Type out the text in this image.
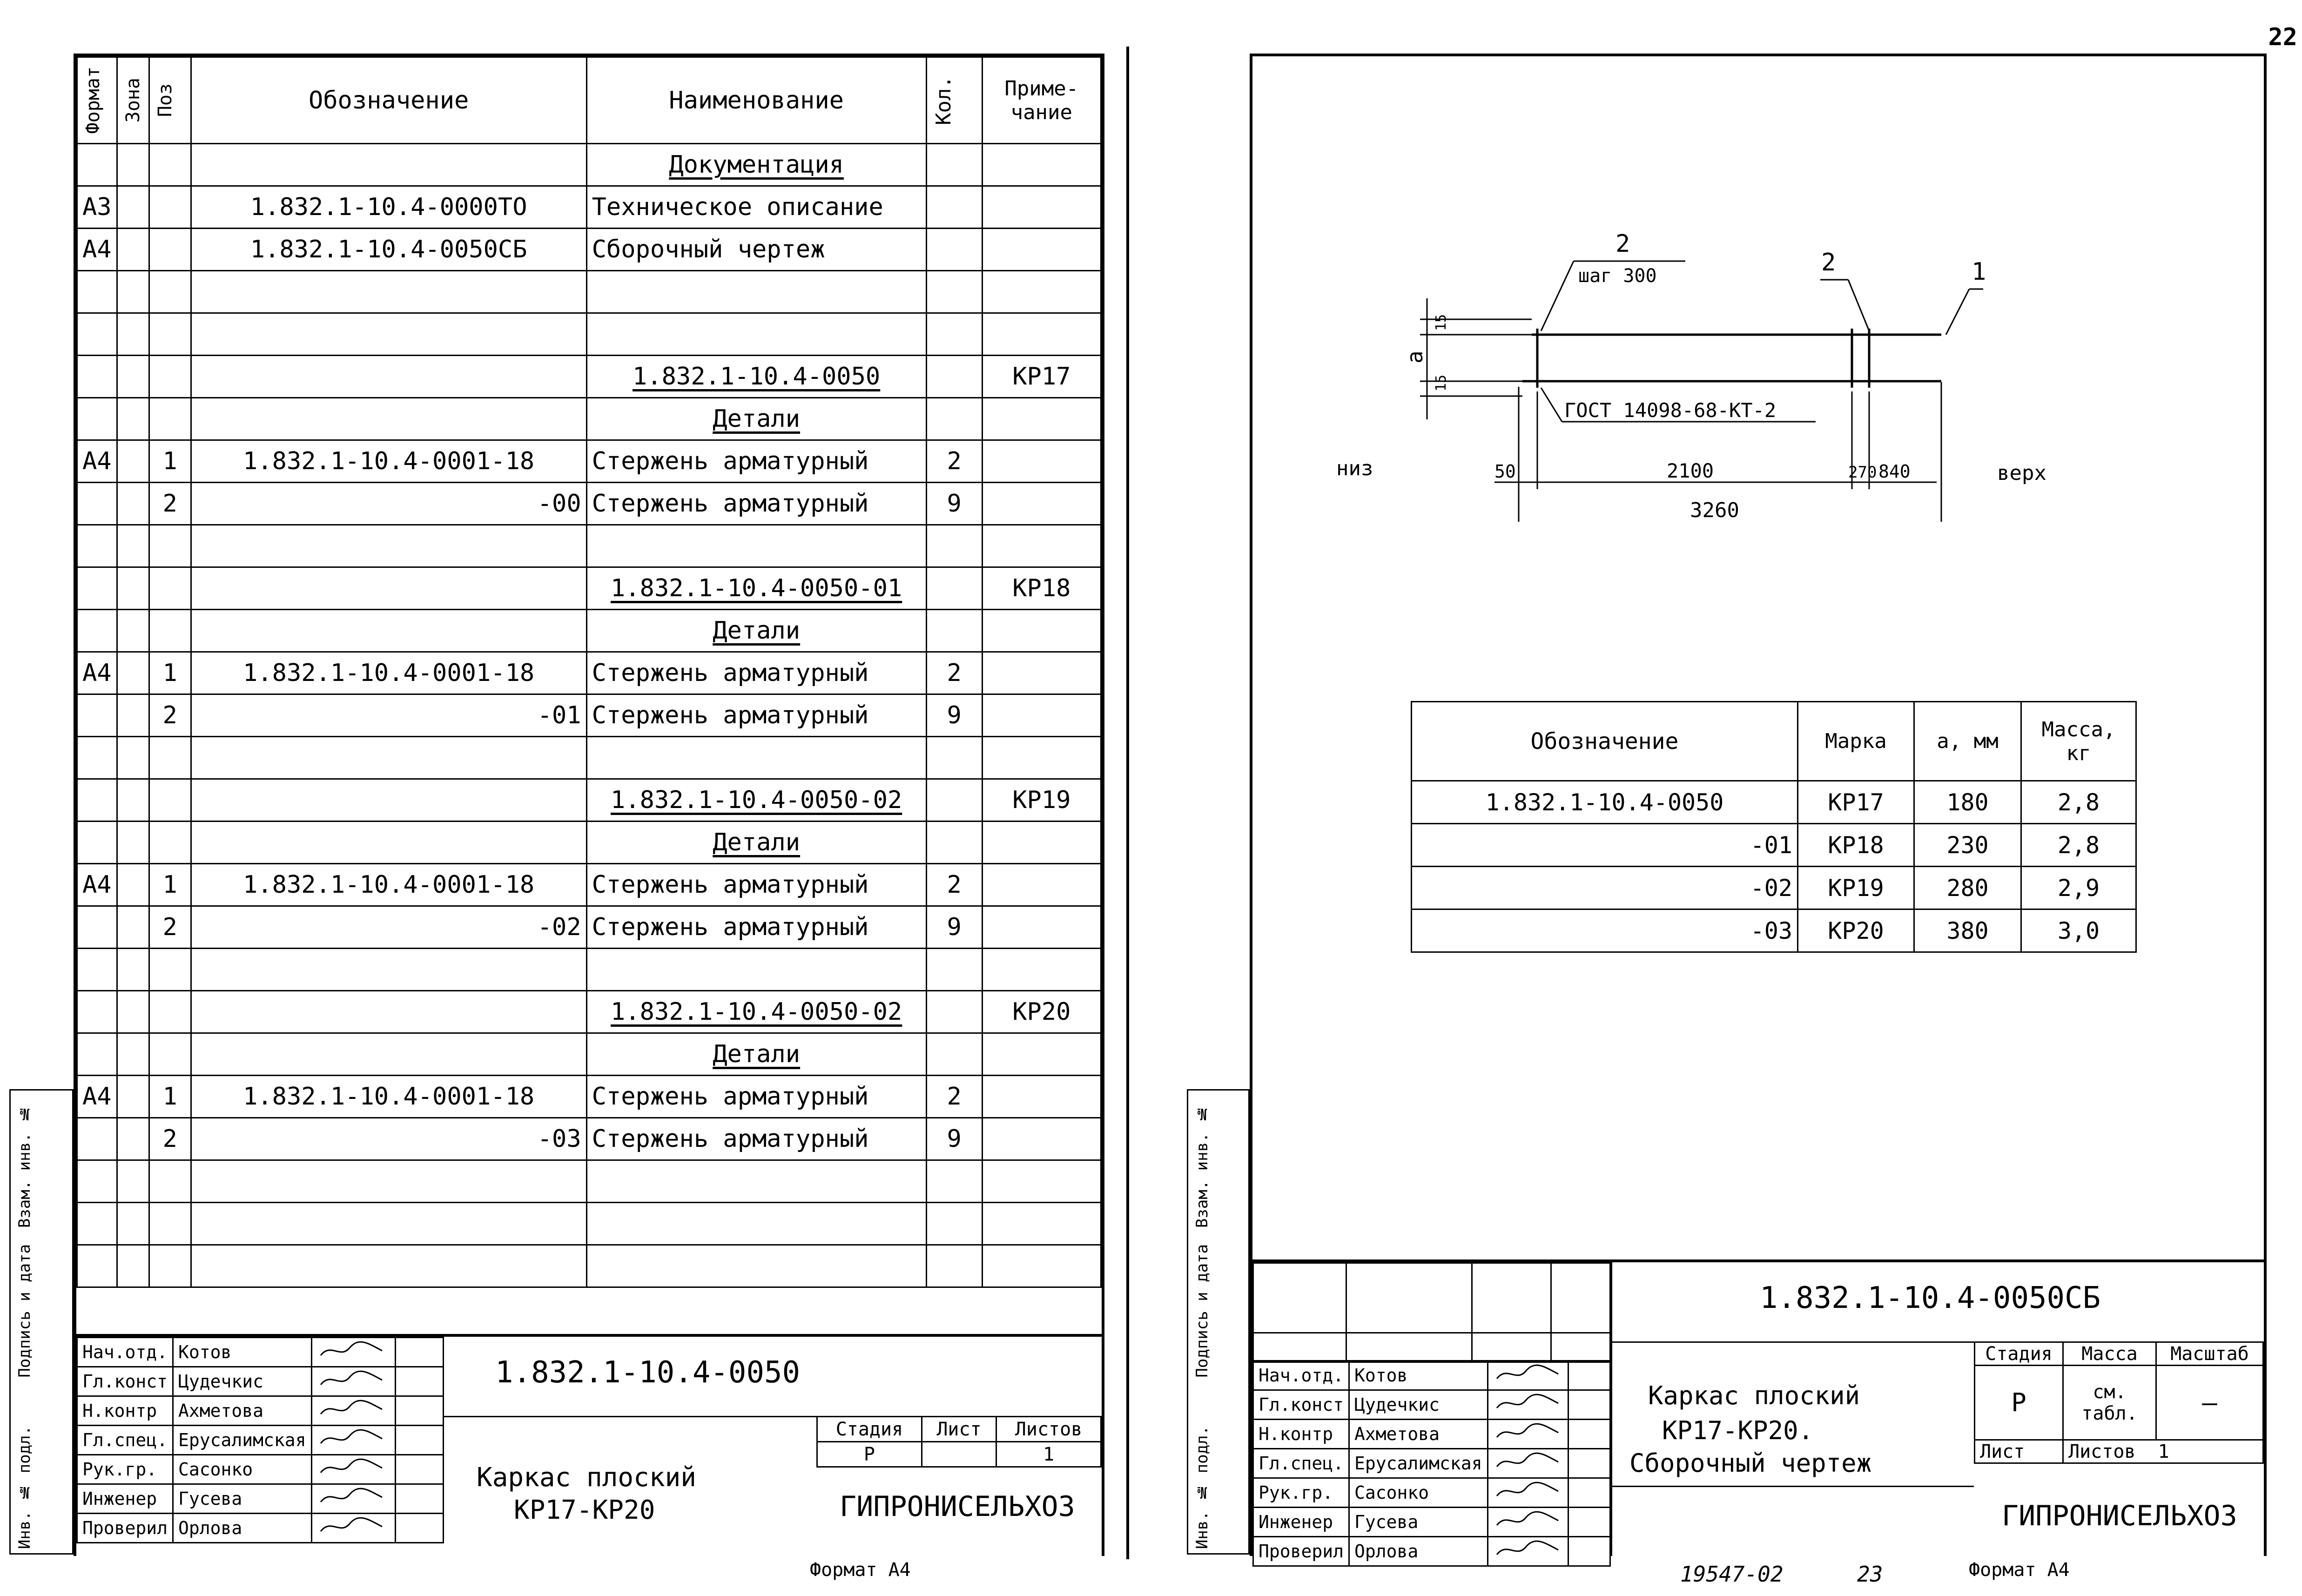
22
Формат	Зона	Поз	Обозначение	Наименование	Кол.	Приме-чание
				Документация		
А3			1.832.1-10.4-0000ТО	Техническое описание		
А4			1.832.1-10.4-0050СБ	Сборочный чертеж		

				1.832.1-10.4-0050		КР17
				Детали		
А4		1	1.832.1-10.4-0001-18	Стержень арматурный	2	
		2	-00	Стержень арматурный	9	

				1.832.1-10.4-0050-01		КР18
				Детали		
А4		1	1.832.1-10.4-0001-18	Стержень арматурный	2	
		2	-01	Стержень арматурный	9	

				1.832.1-10.4-0050-02		КР19
				Детали		
А4		1	1.832.1-10.4-0001-18	Стержень арматурный	2	
		2	-02	Стержень арматурный	9	

				1.832.1-10.4-0050-02		КР20
				Детали		
А4		1	1.832.1-10.4-0001-18	Стержень арматурный	2	
		2	-03	Стержень арматурный	9	

Нач.отд.	Котов		
Гл.конст	Цудечкис		
Н.контр	Ахметова		
Гл.спец.	Ерусалимская		
Рук.гр.	Сасонко		
Инженер	Гусева		
Проверил	Орлова		
1.832.1-10.4-0050
Каркас плоский
КР17-КР20
Стадия	Лист	Листов
Р		1
ГИПРОНИСЕЛЬХОЗ
Формат А4
Взам. инв. №
Подпись и дата
Инв. № подл.
2
шаг 300	2	1
ГОСТ 14098-68-КТ-2
15
15
а
низ	верх
50	2100	270 840
3260
Обозначение	Марка	а, мм	Масса, кг
1.832.1-10.4-0050	КР17	180	2,8
-01	КР18	230	2,8
-02	КР19	280	2,9
-03	КР20	380	3,0

Нач.отд.	Котов		
Гл.конст	Цудечкис		
Н.контр	Ахметова		
Гл.спец.	Ерусалимская		
Рук.гр.	Сасонко		
Инженер	Гусева		
Проверил	Орлова		
1.832.1-10.4-0050СБ
Каркас плоский
КР17-КР20.
Сборочный чертеж
Стадия	Масса	Масштаб
Р	см. табл.	—
Лист	Листов 1	
ГИПРОНИСЕЛЬХОЗ
Формат А4
19547-02	23
Взам. инв. №
Подпись и дата
Инв. № подл.
